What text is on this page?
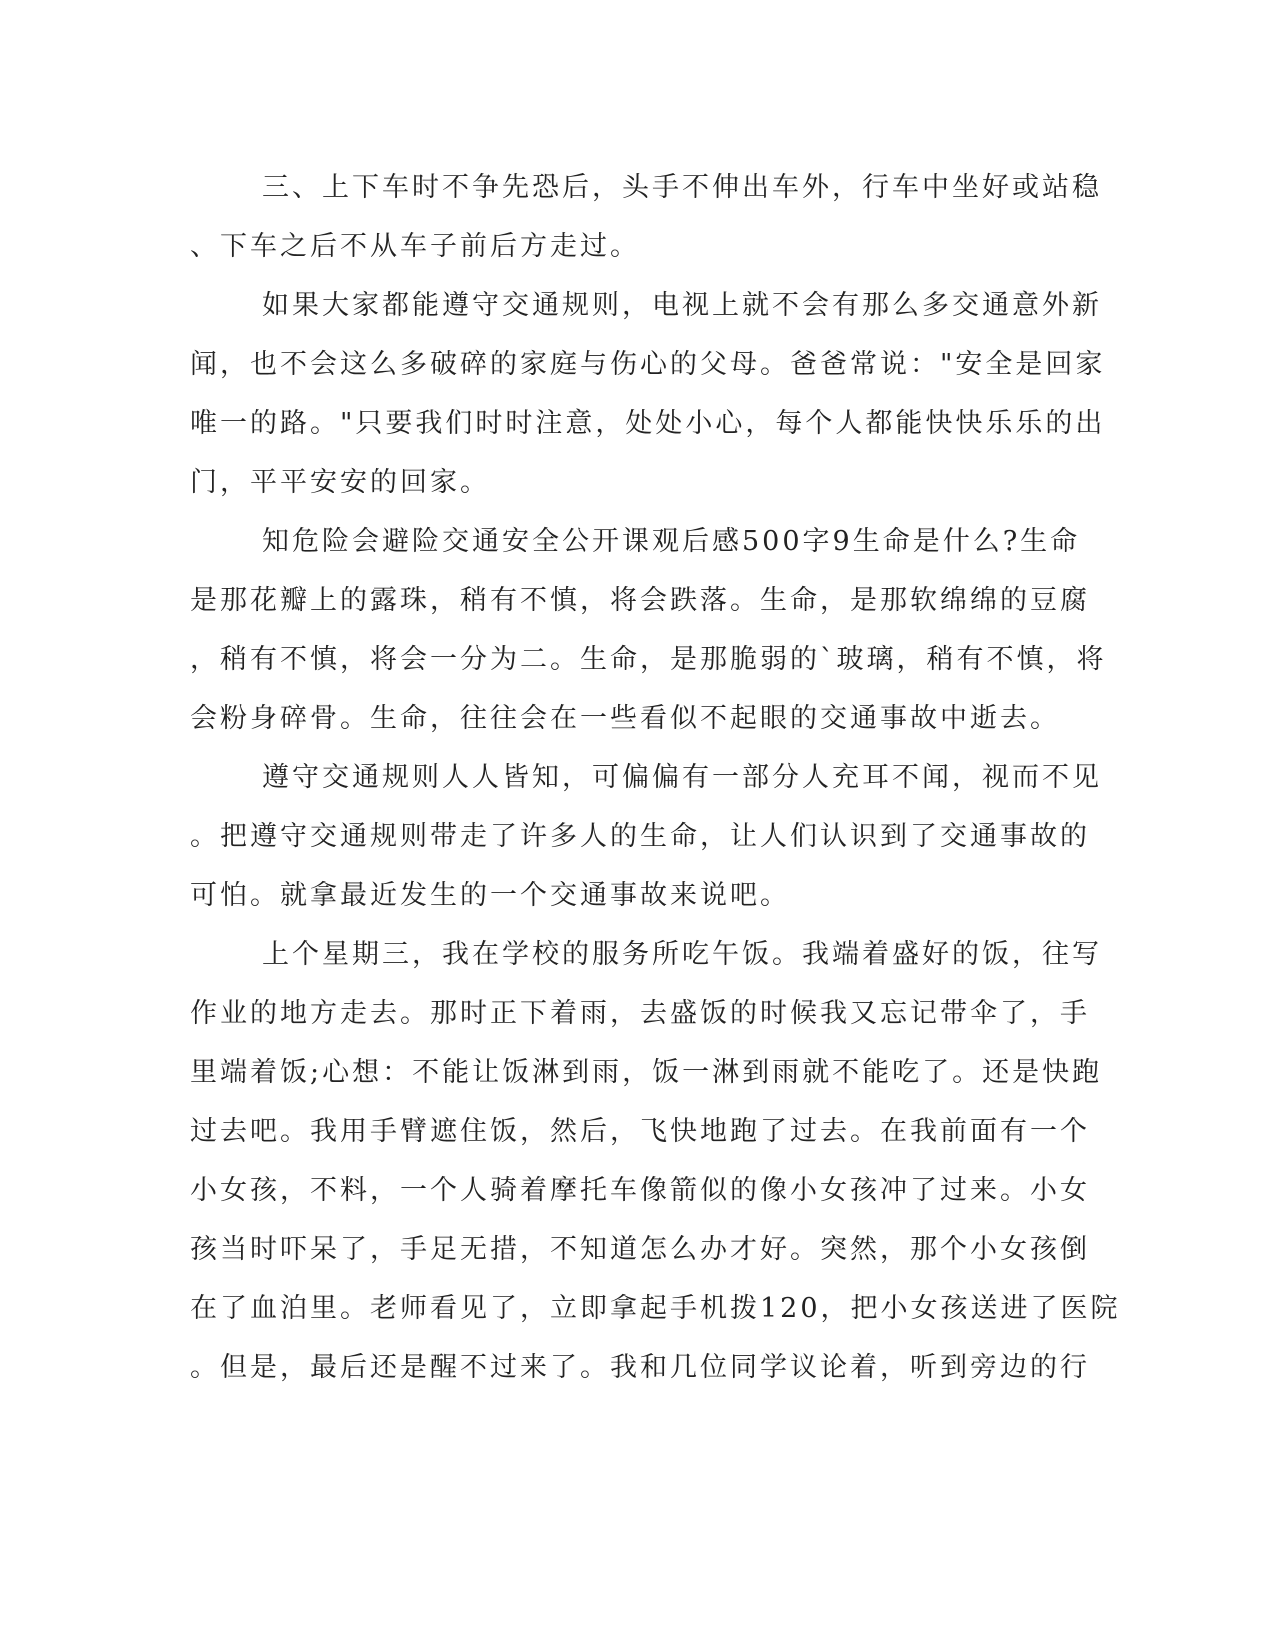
三、上下车时不争先恐后，头手不伸出车外，行车中坐好或站稳
、下车之后不从车子前后方走过。
如果大家都能遵守交通规则，电视上就不会有那么多交通意外新
闻，也不会这么多破碎的家庭与伤心的父母。爸爸常说："安全是回家
唯一的路。"只要我们时时注意，处处小心，每个人都能快快乐乐的出
门，平平安安的回家。
知危险会避险交通安全公开课观后感500字9生命是什么?生命
是那花瓣上的露珠，稍有不慎，将会跌落。生命，是那软绵绵的豆腐
，稍有不慎，将会一分为二。生命，是那脆弱的`玻璃，稍有不慎，将
会粉身碎骨。生命，往往会在一些看似不起眼的交通事故中逝去。
遵守交通规则人人皆知，可偏偏有一部分人充耳不闻，视而不见
。把遵守交通规则带走了许多人的生命，让人们认识到了交通事故的
可怕。就拿最近发生的一个交通事故来说吧。
上个星期三，我在学校的服务所吃午饭。我端着盛好的饭，往写
作业的地方走去。那时正下着雨，去盛饭的时候我又忘记带伞了，手
里端着饭;心想：不能让饭淋到雨，饭一淋到雨就不能吃了。还是快跑
过去吧。我用手臂遮住饭，然后，飞快地跑了过去。在我前面有一个
小女孩，不料，一个人骑着摩托车像箭似的像小女孩冲了过来。小女
孩当时吓呆了，手足无措，不知道怎么办才好。突然，那个小女孩倒
在了血泊里。老师看见了，立即拿起手机拨120，把小女孩送进了医院
。但是，最后还是醒不过来了。我和几位同学议论着，听到旁边的行
